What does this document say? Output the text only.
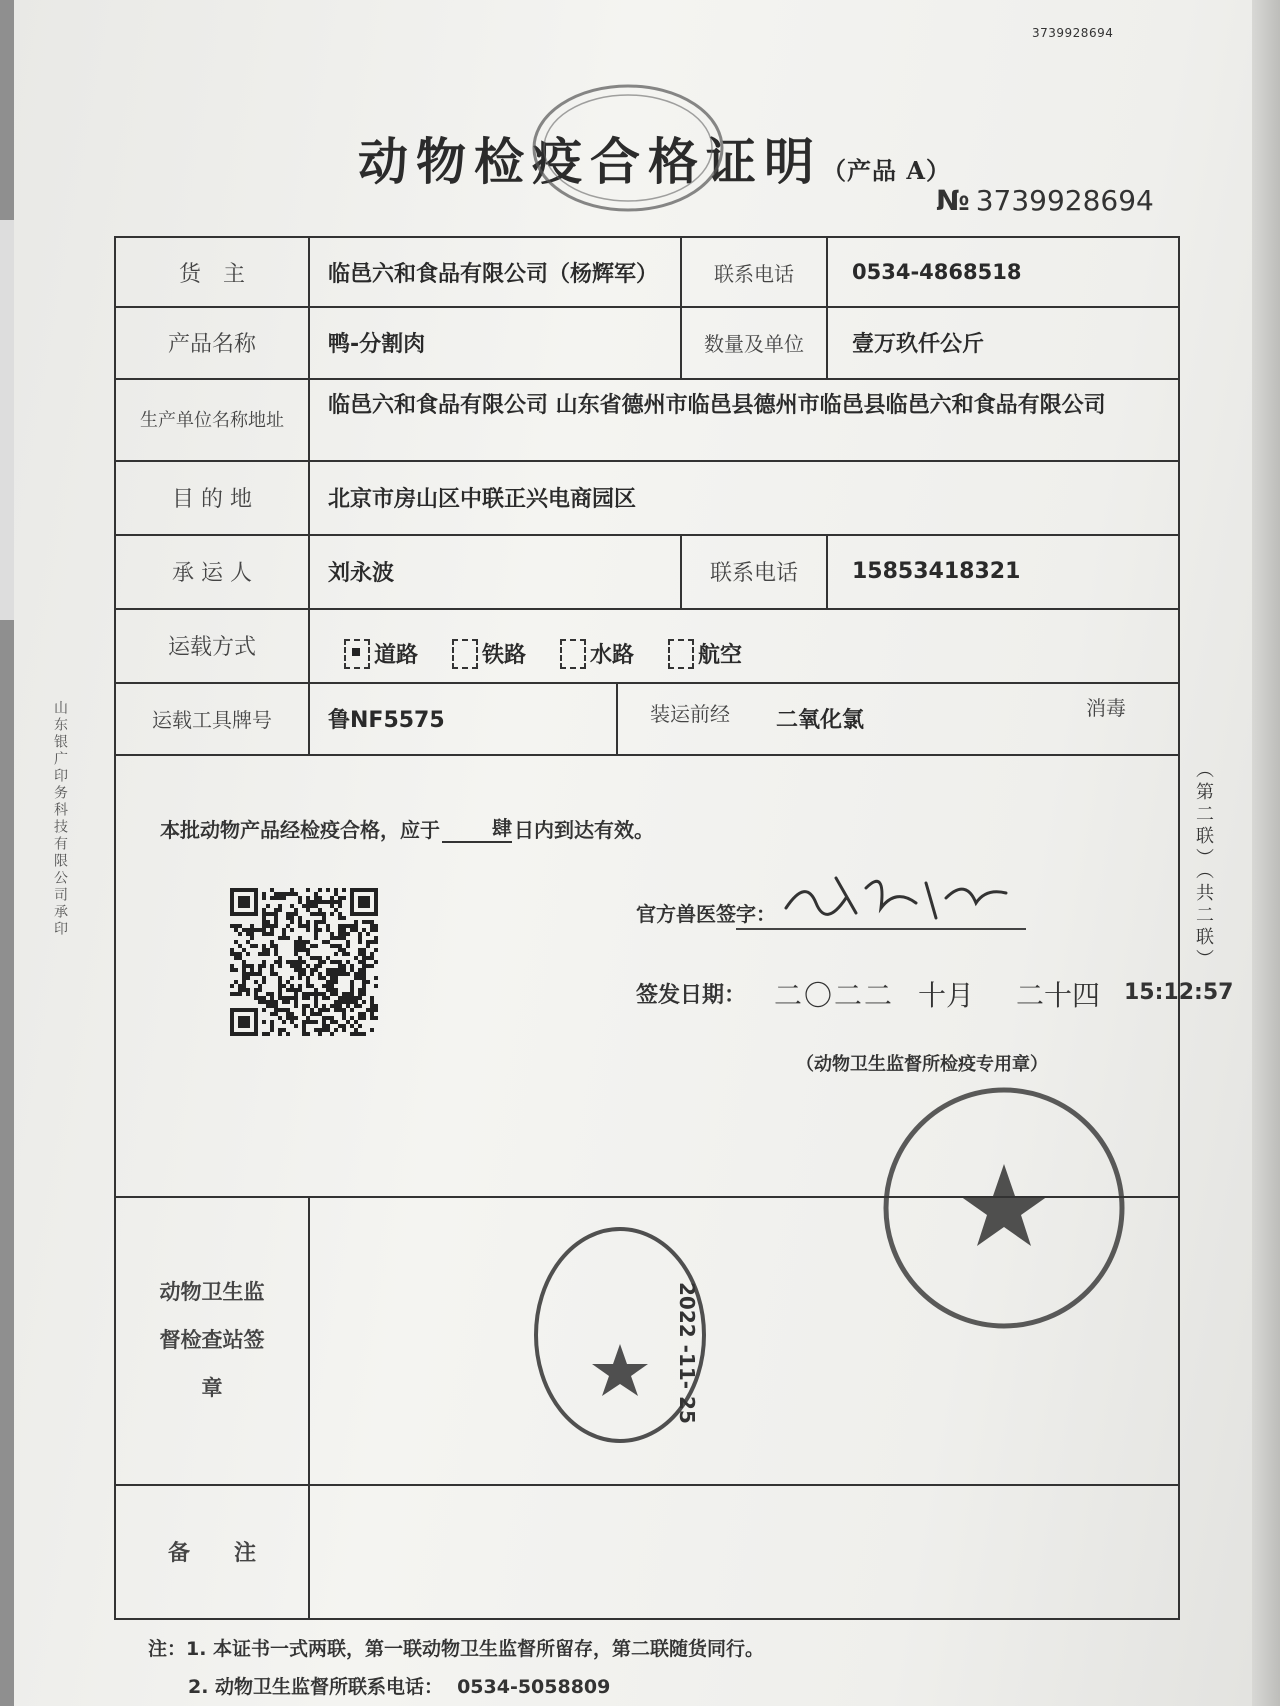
3739928694
动物检疫合格证明（产品 A）
№ 3739928694
山东银广印务科技有限公司承印	（第二联）（共二联）
货　主	临邑六和食品有限公司（杨辉军）	联系电话	0534-4868518
产品名称	鸭-分割肉	数量及单位	壹万玖仟公斤
生产单位名称地址
临邑六和食品有限公司 山东省德州市临邑县德州市临邑县临邑六和食品有限公司
目 的 地	北京市房山区中联正兴电商园区
承 运 人	刘永波	联系电话	15853418321
运载方式	道路	铁路	水路	航空
运载工具牌号	鲁NF5575	装运前经	二氧化氯	消毒
本批动物产品经检疫合格，应于	肆 日内到达有效。
官方兽医签字：
签发日期： 二〇二二 十月 二十四 15:12:57
（动物卫生监督所检疫专用章）
动物卫生监督检查站签章
备　　注
2022 -11- 25
注：1. 本证书一式两联，第一联动物卫生监督所留存，第二联随货同行。
2. 动物卫生监督所联系电话： 0534-5058809
